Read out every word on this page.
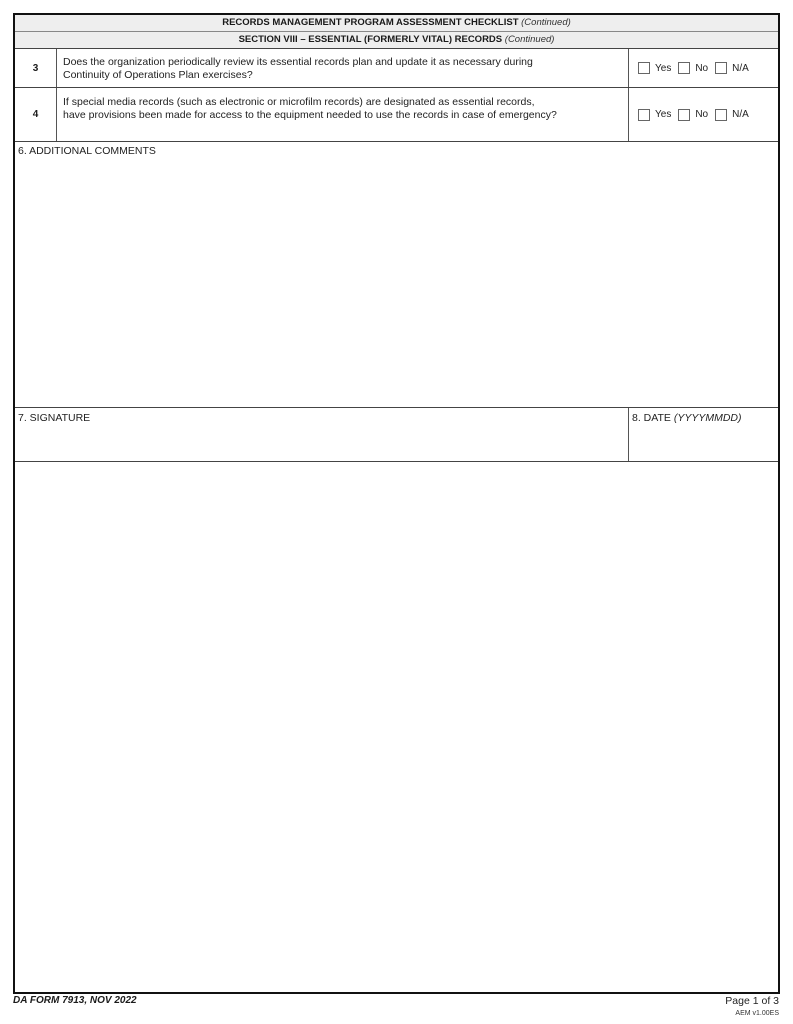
RECORDS MANAGEMENT PROGRAM ASSESSMENT CHECKLIST (Continued)
SECTION VIII – ESSENTIAL (FORMERLY VITAL) RECORDS (Continued)
3	Does the organization periodically review its essential records plan and update it as necessary during
Continuity of Operations Plan exercises?
Yes No N/A
4
If special media records (such as electronic or microfilm records) are designated as essential records,
have provisions been made for access to the equipment needed to use the records in case of emergency?	Yes No N/A
6. ADDITIONAL COMMENTS
7. SIGNATURE	8. DATE (YYYYMMDD)
DA FORM 7913, NOV 2022	Page 1 of 3
AEM v1.00ES
